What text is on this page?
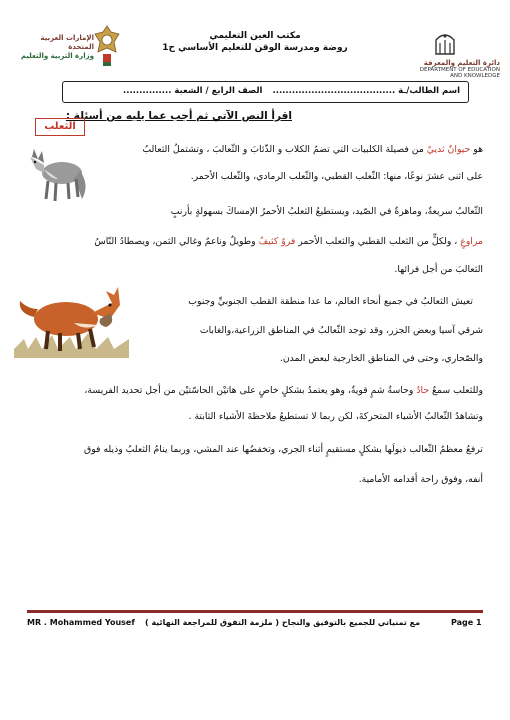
الإمارات العربية المتحدة
وزارة التربية والتعليم
مكتب العين التعليمي
روضة ومدرسة الوقن للتعليم الأساسي ح1
دائرة التعليم والمعرفة
DEPARTMENT OF EDUCATION
AND KNOWLEDGE
اسم الطالب/ـة ......................................
الصف الرابع / الشعبة ...............
اقرأ النص الآتي ثم أجب عما يليه من أسئلة :
الثعلب
هو حيوانٌ ثدييٌ من فصيلة الكلبيات التي تضمُ الكلاب و الذّئابَ و الثّعالبَ ، وتشتملُ الثعالبُ
على اثنى عشرَ نوعًا، منها: الثّعلب القطبي، والثّعلب الرمادي، والثّعلب الأحمر.
الثّعالبُ سريعةٌ، وماهرةٌ في الصّيد، ويستطيعُ الثعلبُ الأحمرُ الإمساكَ بسهولةٍ بأرنبٍ
مراوغٍ ، ولكلٍّ من الثعلب القطبي والثعلب الأحمر فروٌ كثيفٌ وطويلٌ وناعمٌ وغالي الثمن، ويصطادُ النّاسُ
الثعالبَ من أجل فرائها.
تعيش الثعالبُ في جميع أنحاء العالم، ما عدا منطقة القطب الجنوبيِّ وجنوب
شرقي آسيا وبعض الجزر، وقد توجد الثّعالبُ في المناطق الزراعية،والغابات
والصّحاري، وحتى في المناطق الخارجية لبعض المدن.
وللثعلب سمعٌ حادٌ وحاسةُ شمٍ قويةٌ، وهو يعتمدُ بشكلٍ خاصٍ على هاتيْن الحاسّتيْن من أجل تحديد الفريسة،
وتشاهدُ الثّعالبُ الأشياء المتحركةَ، لكن ربما لا تستطيعُ ملاحظةَ الأشياء الثابتة .
ترفعُ معظمُ الثّعالب ذيولَها بشكلٍ مستقيمٍ أثناء الجري، وتخفضُها عند المشي، وربما ينامُ الثعلبُ وذيله فوق
أنفه، وفوق راحة أقدامه الأمامية.
MR . Mohammed Yousef مع تمنياتي للجميع بالتوفيق والنجاح ( ملزمة التفوق للمراجعة النهائية )	Page 1
